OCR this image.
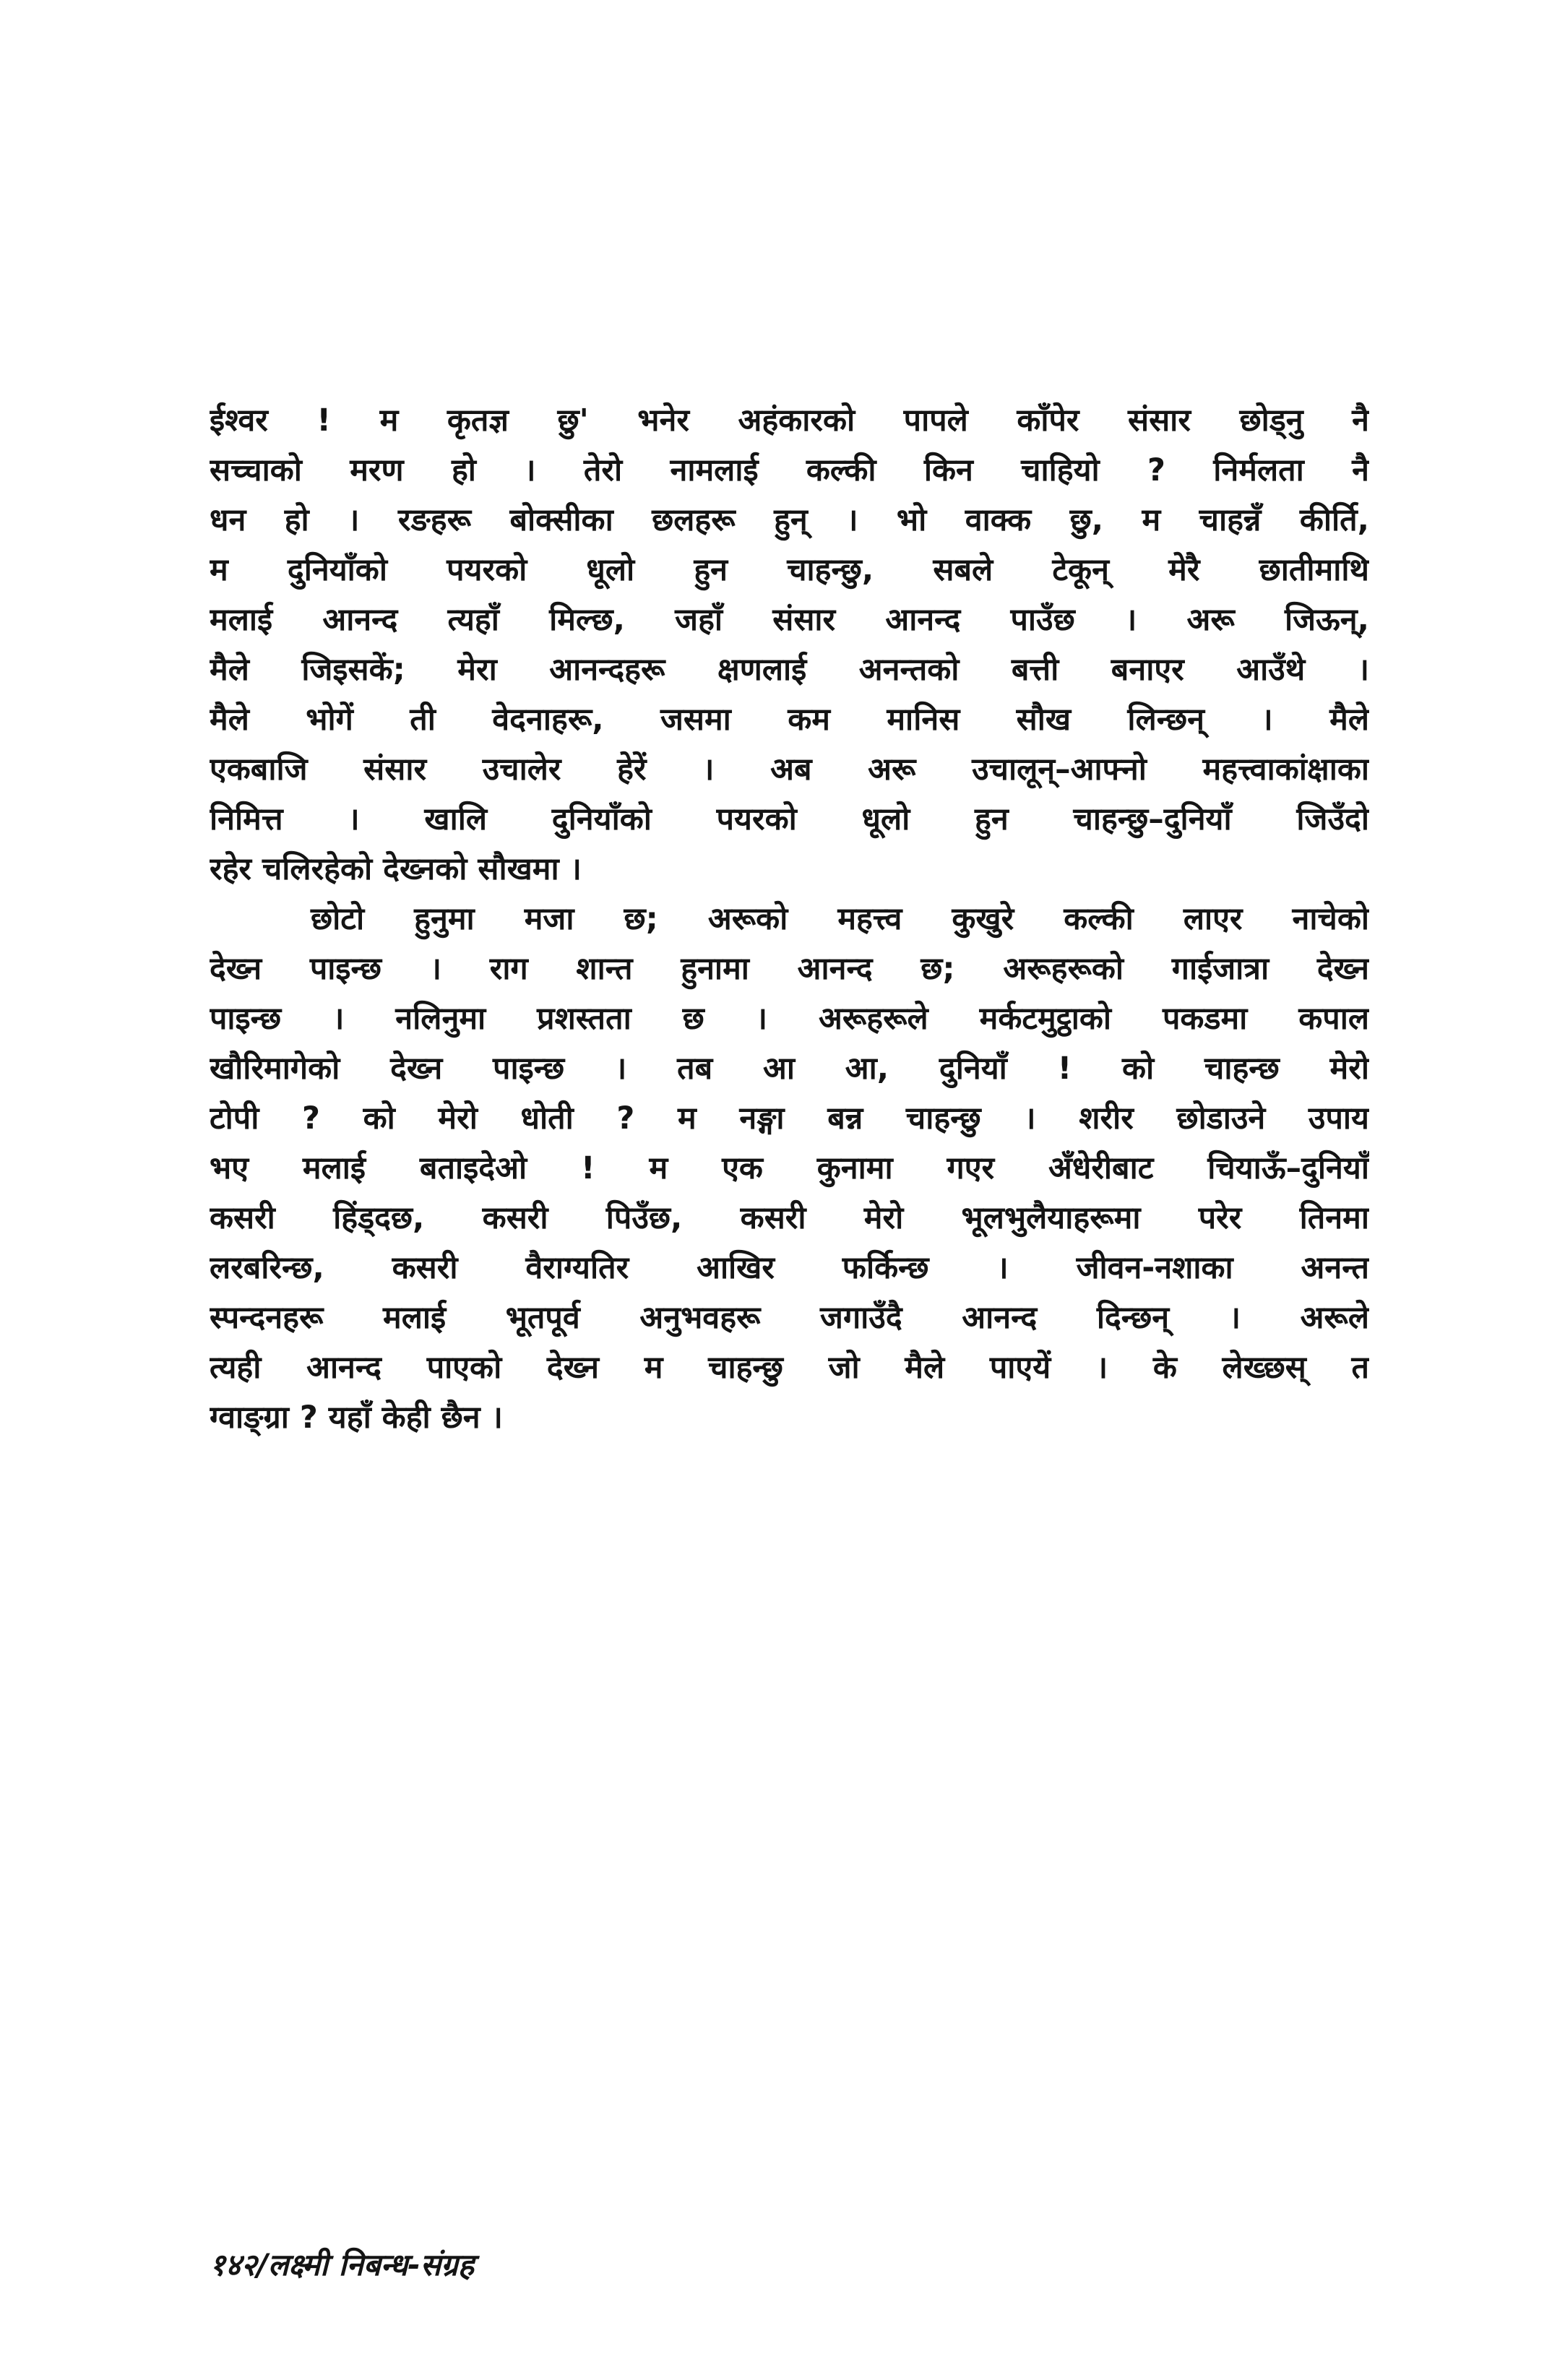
ईश्वर ! म कृतज्ञ छु' भनेर अहंकारको पापले काँपेर संसार छोड्नु नै
सच्चाको मरण हो । तेरो नामलाई कल्की किन चाहियो ? निर्मलता नै
धन हो । रङहरू बोक्सीका छलहरू हुन् । भो वाक्क छु, म चाहन्नँ कीर्ति,
म दुनियाँको पयरको धूलो हुन चाहन्छु, सबले टेकून् मेरै छातीमाथि
मलाई आनन्द त्यहाँ मिल्छ, जहाँ संसार आनन्द पाउँछ । अरू जिऊन्,
मैले जिइसकें; मेरा आनन्दहरू क्षणलाई अनन्तको बत्ती बनाएर आउँथे ।
मैले भोगें ती वेदनाहरू, जसमा कम मानिस सौख लिन्छन् । मैले
एकबाजि संसार उचालेर हेरें । अब अरू उचालून्–आफ्नो महत्त्वाकांक्षाका
निमित्त । खालि दुनियाँको पयरको धूलो हुन चाहन्छु–दुनियाँ जिउँदो
रहेर चलिरहेको देख्नको सौखमा ।
छोटो हुनुमा मजा छ; अरूको महत्त्व कुखुरे कल्की लाएर नाचेको
देख्न पाइन्छ । राग शान्त हुनामा आनन्द छ; अरूहरूको गाईजात्रा देख्न
पाइन्छ । नलिनुमा प्रशस्तता छ । अरूहरूले मर्कटमुट्ठाको पकडमा कपाल
खौरिमागेको देख्न पाइन्छ । तब आ आ, दुनियाँ ! को चाहन्छ मेरो
टोपी ? को मेरो धोती ? म नङ्गा बन्न चाहन्छु । शरीर छोडाउने उपाय
भए मलाई बताइदेओ ! म एक कुनामा गएर अँधेरीबाट चियाऊँ–दुनियाँ
कसरी हिंड्दछ, कसरी पिउँछ, कसरी मेरो भूलभुलैयाहरूमा परेर तिनमा
लरबरिन्छ, कसरी वैराग्यतिर आखिर फर्किन्छ । जीवन-नशाका अनन्त
स्पन्दनहरू मलाई भूतपूर्व अनुभवहरू जगाउँदै आनन्द दिन्छन् । अरूले
त्यही आनन्द पाएको देख्न म चाहन्छु जो मैले पाएयें । के लेख्छस् त
ग्वाङ्ग्रा ? यहाँ केही छैन ।
१४२/लक्ष्मी निबन्ध-संग्रह
